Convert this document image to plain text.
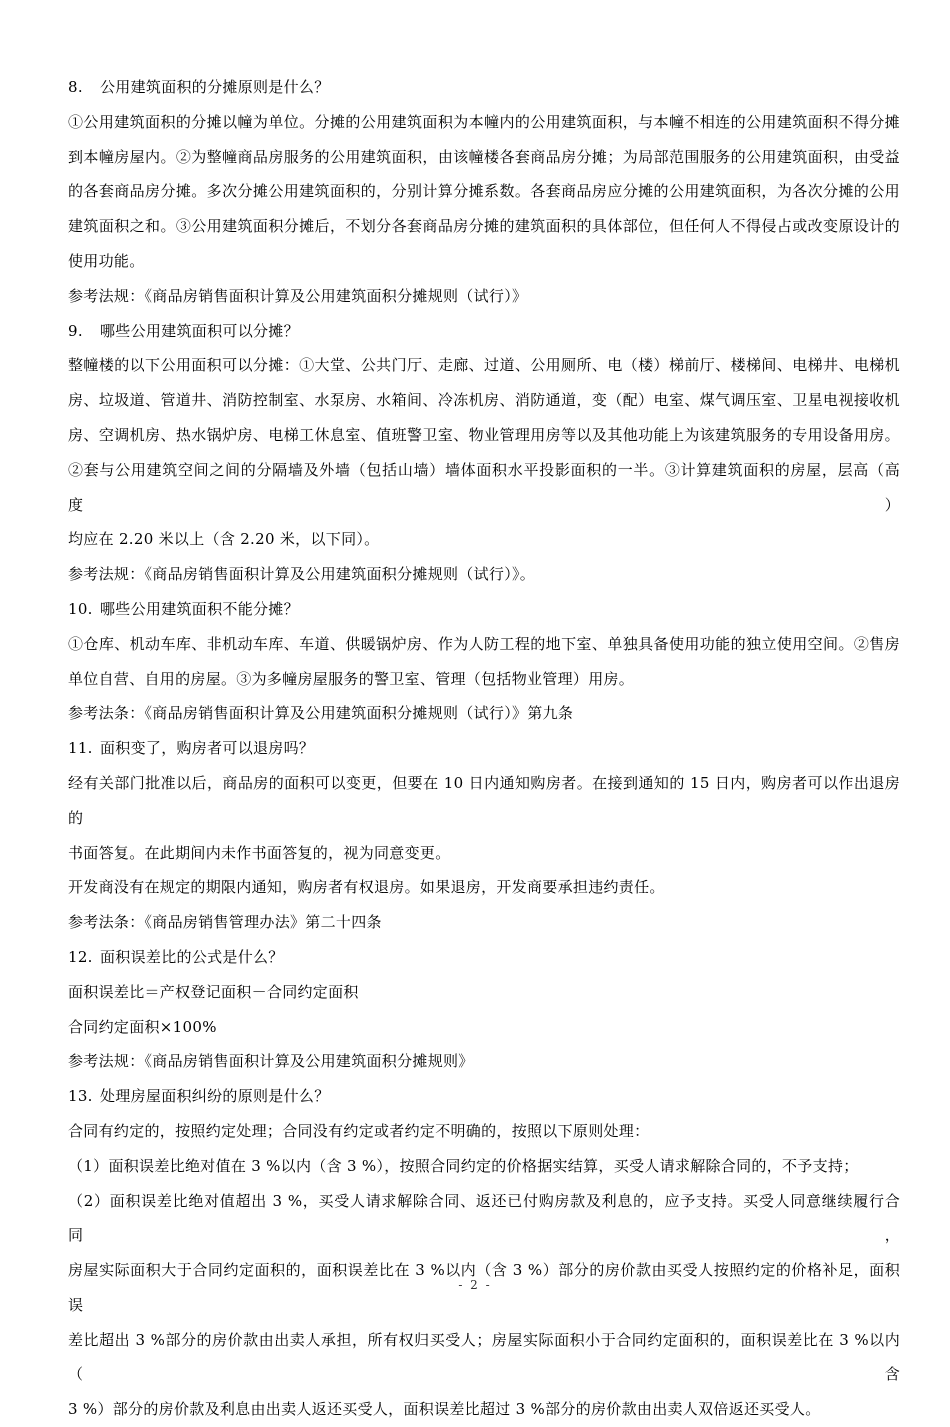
8. 公用建筑面积的分摊原则是什么？

①公用建筑面积的分摊以幢为单位。分摊的公用建筑面积为本幢内的公用建筑面积，与本幢不相连的公用建筑面积不得分摊

到本幢房屋内。②为整幢商品房服务的公用建筑面积，由该幢楼各套商品房分摊；为局部范围服务的公用建筑面积，由受益

的各套商品房分摊。多次分摊公用建筑面积的，分别计算分摊系数。各套商品房应分摊的公用建筑面积，为各次分摊的公用

建筑面积之和。③公用建筑面积分摊后，不划分各套商品房分摊的建筑面积的具体部位，但任何人不得侵占或改变原设计的

使用功能。

参考法规：《商品房销售面积计算及公用建筑面积分摊规则（试行）》

9. 哪些公用建筑面积可以分摊？

整幢楼的以下公用面积可以分摊：①大堂、公共门厅、走廊、过道、公用厕所、电（楼）梯前厅、楼梯间、电梯井、电梯机

房、垃圾道、管道井、消防控制室、水泵房、水箱间、冷冻机房、消防通道，变（配）电室、煤气调压室、卫星电视接收机

房、空调机房、热水锅炉房、电梯工休息室、值班警卫室、物业管理用房等以及其他功能上为该建筑服务的专用设备用房。

②套与公用建筑空间之间的分隔墙及外墙（包括山墙）墙体面积水平投影面积的一半。③计算建筑面积的房屋，层高（高度）

均应在 2.20 米以上（含 2.20 米，以下同）。

参考法规：《商品房销售面积计算及公用建筑面积分摊规则（试行）》。

10. 哪些公用建筑面积不能分摊？

①仓库、机动车库、非机动车库、车道、供暖锅炉房、作为人防工程的地下室、单独具备使用功能的独立使用空间。②售房

单位自营、自用的房屋。③为多幢房屋服务的警卫室、管理（包括物业管理）用房。

参考法条：《商品房销售面积计算及公用建筑面积分摊规则（试行）》第九条

11. 面积变了，购房者可以退房吗？

经有关部门批准以后，商品房的面积可以变更，但要在 10 日内通知购房者。在接到通知的 15 日内，购房者可以作出退房的

书面答复。在此期间内未作书面答复的，视为同意变更。

开发商没有在规定的期限内通知，购房者有权退房。如果退房，开发商要承担违约责任。

参考法条：《商品房销售管理办法》第二十四条

12. 面积误差比的公式是什么？

面积误差比＝产权登记面积－合同约定面积

合同约定面积×100%

参考法规：《商品房销售面积计算及公用建筑面积分摊规则》

13. 处理房屋面积纠纷的原则是什么？

合同有约定的，按照约定处理；合同没有约定或者约定不明确的，按照以下原则处理：

（1）面积误差比绝对值在 3 %以内（含 3 %），按照合同约定的价格据实结算，买受人请求解除合同的，不予支持；

（2）面积误差比绝对值超出 3 %，买受人请求解除合同、返还已付购房款及利息的，应予支持。买受人同意继续履行合同，

房屋实际面积大于合同约定面积的，面积误差比在 3 %以内（含 3 %）部分的房价款由买受人按照约定的价格补足，面积误

差比超出 3 %部分的房价款由出卖人承担，所有权归买受人；房屋实际面积小于合同约定面积的，面积误差比在 3 %以内（含

3 %）部分的房价款及利息由出卖人返还买受人，面积误差比超过 3 %部分的房价款由出卖人双倍返还买受人。

- 2 -
